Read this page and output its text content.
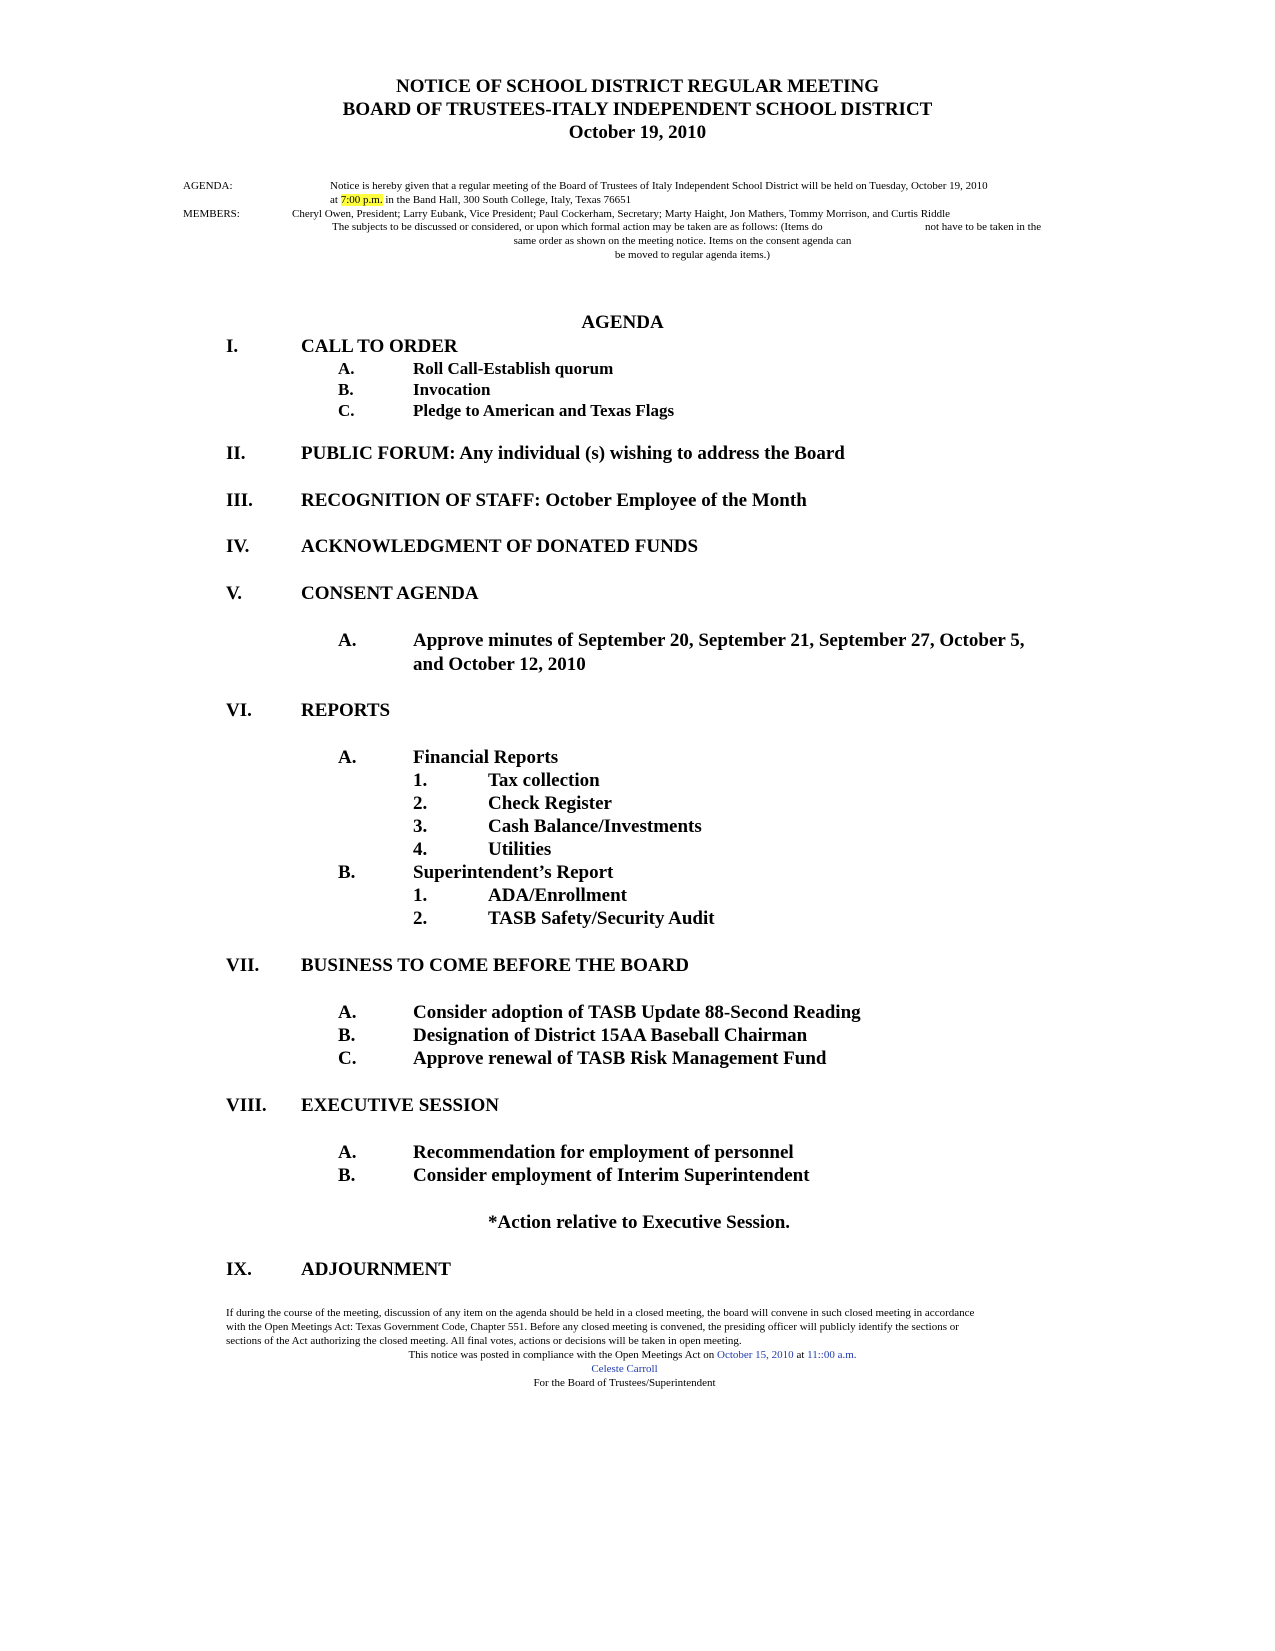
NOTICE OF SCHOOL DISTRICT REGULAR MEETING
BOARD OF TRUSTEES-ITALY INDEPENDENT SCHOOL DISTRICT
October 19, 2010
AGENDA:	Notice is hereby given that a regular meeting of the Board of Trustees of Italy Independent School District will be held on Tuesday, October 19, 2010
at 7:00 p.m. in the Band Hall, 300 South College, Italy, Texas 76651
MEMBERS:	Cheryl Owen, President; Larry Eubank, Vice President; Paul Cockerham, Secretary; Marty Haight, Jon Mathers, Tommy Morrison, and Curtis Riddle
The subjects to be discussed or considered, or upon which formal action may be taken are as follows: (Items do	not have to be taken in the
same order as shown on the meeting notice. Items on the consent agenda can
be moved to regular agenda items.)
AGENDA
I.	CALL TO ORDER
A.	Roll Call-Establish quorum
B.	Invocation
C.	Pledge to American and Texas Flags
II.	PUBLIC FORUM: Any individual (s) wishing to address the Board
III.	RECOGNITION OF STAFF: October Employee of the Month
IV.	ACKNOWLEDGMENT OF DONATED FUNDS
V.	CONSENT AGENDA
A.	Approve minutes of September 20, September 21, September 27, October 5,
and October 12, 2010
VI.	REPORTS
A.	Financial Reports
1.	Tax collection
2.	Check Register
3.	Cash Balance/Investments
4.	Utilities
B.	Superintendent’s Report
1.	ADA/Enrollment
2.	TASB Safety/Security Audit
VII. BUSINESS TO COME BEFORE THE BOARD
A.	Consider adoption of TASB Update 88-Second Reading
B.	Designation of District 15AA Baseball Chairman
C.	Approve renewal of TASB Risk Management Fund
VIII. EXECUTIVE SESSION
A.	Recommendation for employment of personnel
B.	Consider employment of Interim Superintendent
*Action relative to Executive Session.
IX.	ADJOURNMENT
If during the course of the meeting, discussion of any item on the agenda should be held in a closed meeting, the board will convene in such closed meeting in accordance
with the Open Meetings Act: Texas Government Code, Chapter 551. Before any closed meeting is convened, the presiding officer will publicly identify the sections or
sections of the Act authorizing the closed meeting. All final votes, actions or decisions will be taken in open meeting.
This notice was posted in compliance with the Open Meetings Act on October 15, 2010 at 11::00 a.m.
Celeste Carroll
For the Board of Trustees/Superintendent
